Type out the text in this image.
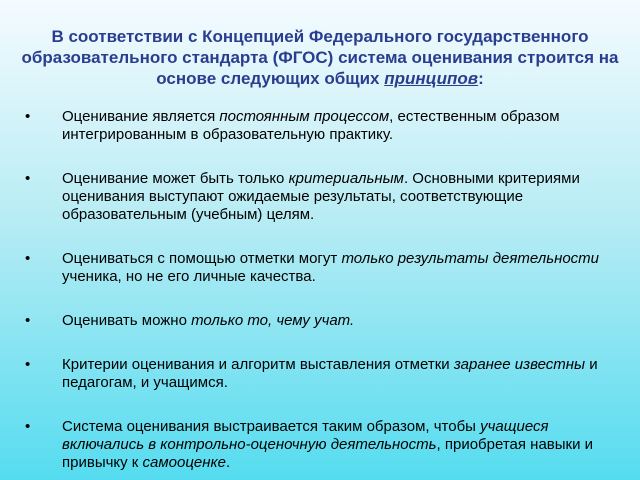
В соответствии с Концепцией Федерального государственного образовательного стандарта (ФГОС) система оценивания строится на основе следующих общих принципов:
• Оценивание является постоянным процессом, естественным образом интегрированным в образовательную практику.
• Оценивание может быть только критериальным. Основными критериями оценивания выступают ожидаемые результаты, соответствующие образовательным (учебным) целям.
• Оцениваться с помощью отметки могут только результаты деятельности ученика, но не его личные качества.
• Оценивать можно только то, чему учат.
• Критерии оценивания и алгоритм выставления отметки заранее известны и педагогам, и учащимся.
• Система оценивания выстраивается таким образом, чтобы учащиеся включались в контрольно-оценочную деятельность, приобретая навыки и привычку к самооценке.
